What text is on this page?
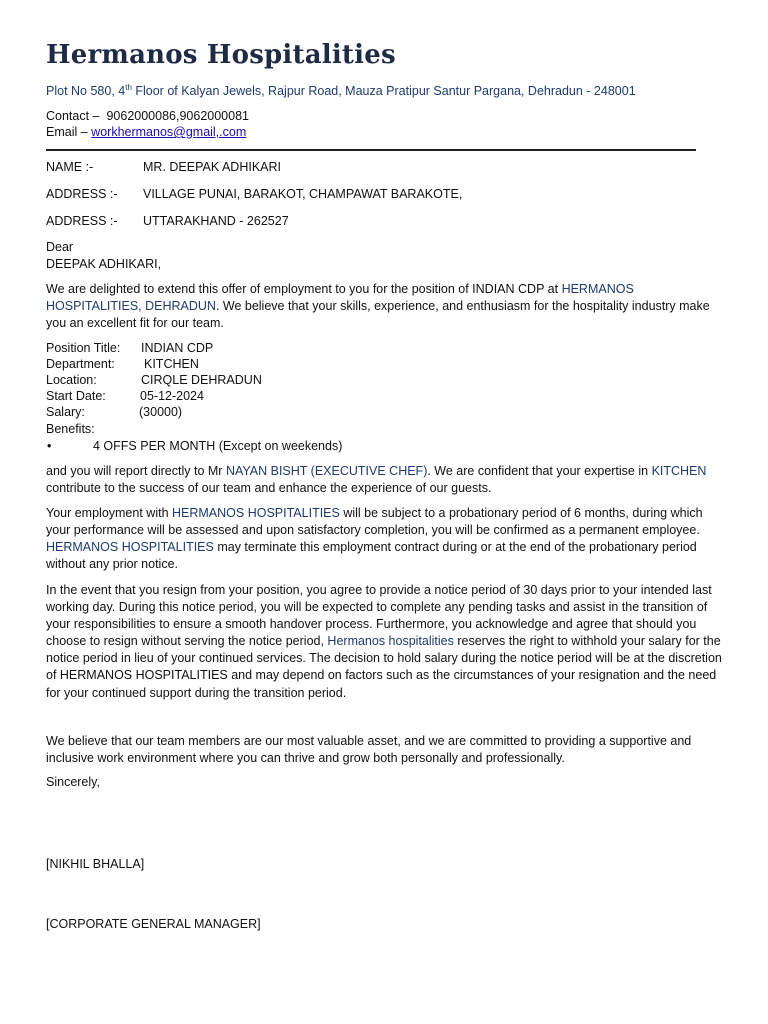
Hermanos Hospitalities
Plot No 580, 4th Floor of Kalyan Jewels, Rajpur Road, Mauza Pratipur Santur Pargana, Dehradun - 248001
Contact – 9062000086,9062000081
Email – workhermanos@gmail,.com
NAME :-	MR. DEEPAK ADHIKARI
ADDRESS :- VILLAGE PUNAI, BARAKOT, CHAMPAWAT BARAKOTE,
ADDRESS :- UTTARAKHAND - 262527
Dear
DEEPAK ADHIKARI,
We are delighted to extend this offer of employment to you for the position of INDIAN CDP at HERMANOS HOSPITALITIES, DEHRADUN. We believe that your skills, experience, and enthusiasm for the hospitality industry make you an excellent fit for our team.
Position Title: INDIAN CDP
Department: KITCHEN
Location:	CIRQLE DEHRADUN
Start Date:	05-12-2024
Salary:	(30000)
Benefits:
•	4 OFFS PER MONTH (Except on weekends)
and you will report directly to Mr NAYAN BISHT (EXECUTIVE CHEF). We are confident that your expertise in KITCHEN contribute to the success of our team and enhance the experience of our guests.
Your employment with HERMANOS HOSPITALITIES will be subject to a probationary period of 6 months, during which your performance will be assessed and upon satisfactory completion, you will be confirmed as a permanent employee. HERMANOS HOSPITALITIES may terminate this employment contract during or at the end of the probationary period without any prior notice.
In the event that you resign from your position, you agree to provide a notice period of 30 days prior to your intended last working day. During this notice period, you will be expected to complete any pending tasks and assist in the transition of your responsibilities to ensure a smooth handover process. Furthermore, you acknowledge and agree that should you choose to resign without serving the notice period, Hermanos hospitalities reserves the right to withhold your salary for the notice period in lieu of your continued services. The decision to hold salary during the notice period will be at the discretion of HERMANOS HOSPITALITIES and may depend on factors such as the circumstances of your resignation and the need for your continued support during the transition period.
We believe that our team members are our most valuable asset, and we are committed to providing a supportive and inclusive work environment where you can thrive and grow both personally and professionally.
Sincerely,
[NIKHIL BHALLA]
[CORPORATE GENERAL MANAGER]
